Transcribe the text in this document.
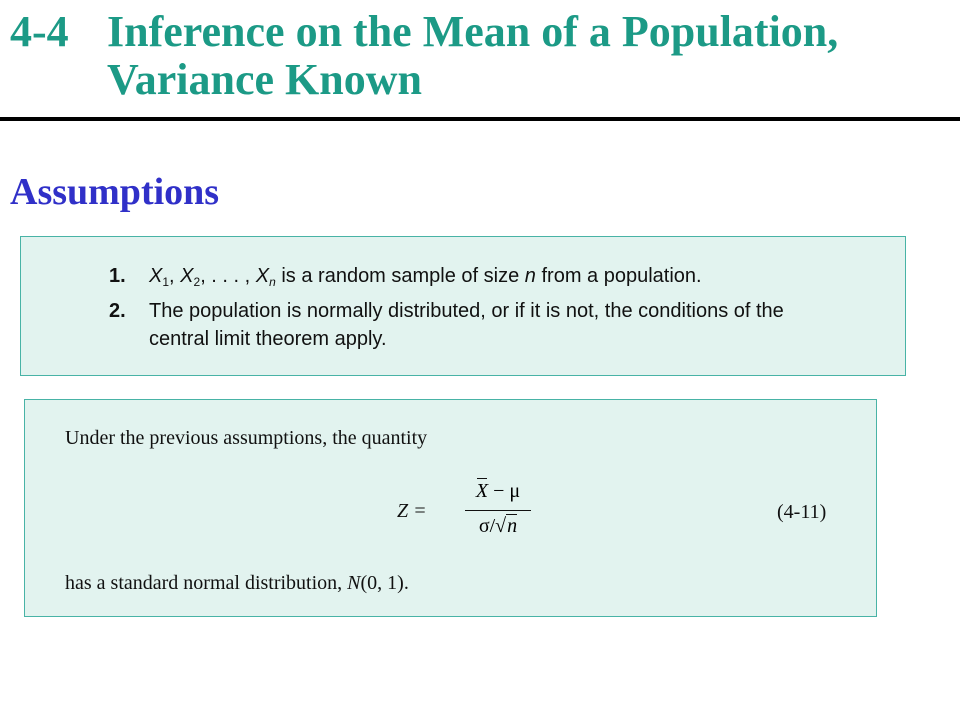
4-4 Inference on the Mean of a Population,
Variance Known
Assumptions
1. $X_1$, $X_2$, . . . , $X_n$ is a random sample of size n from a population.
2. The population is normally distributed, or if it is not, the conditions of the
central limit theorem apply.
Under the previous assumptions, the quantity
Z =
X − μ
σ/√n
(4-11)
has a standard normal distribution, N(0, 1).
